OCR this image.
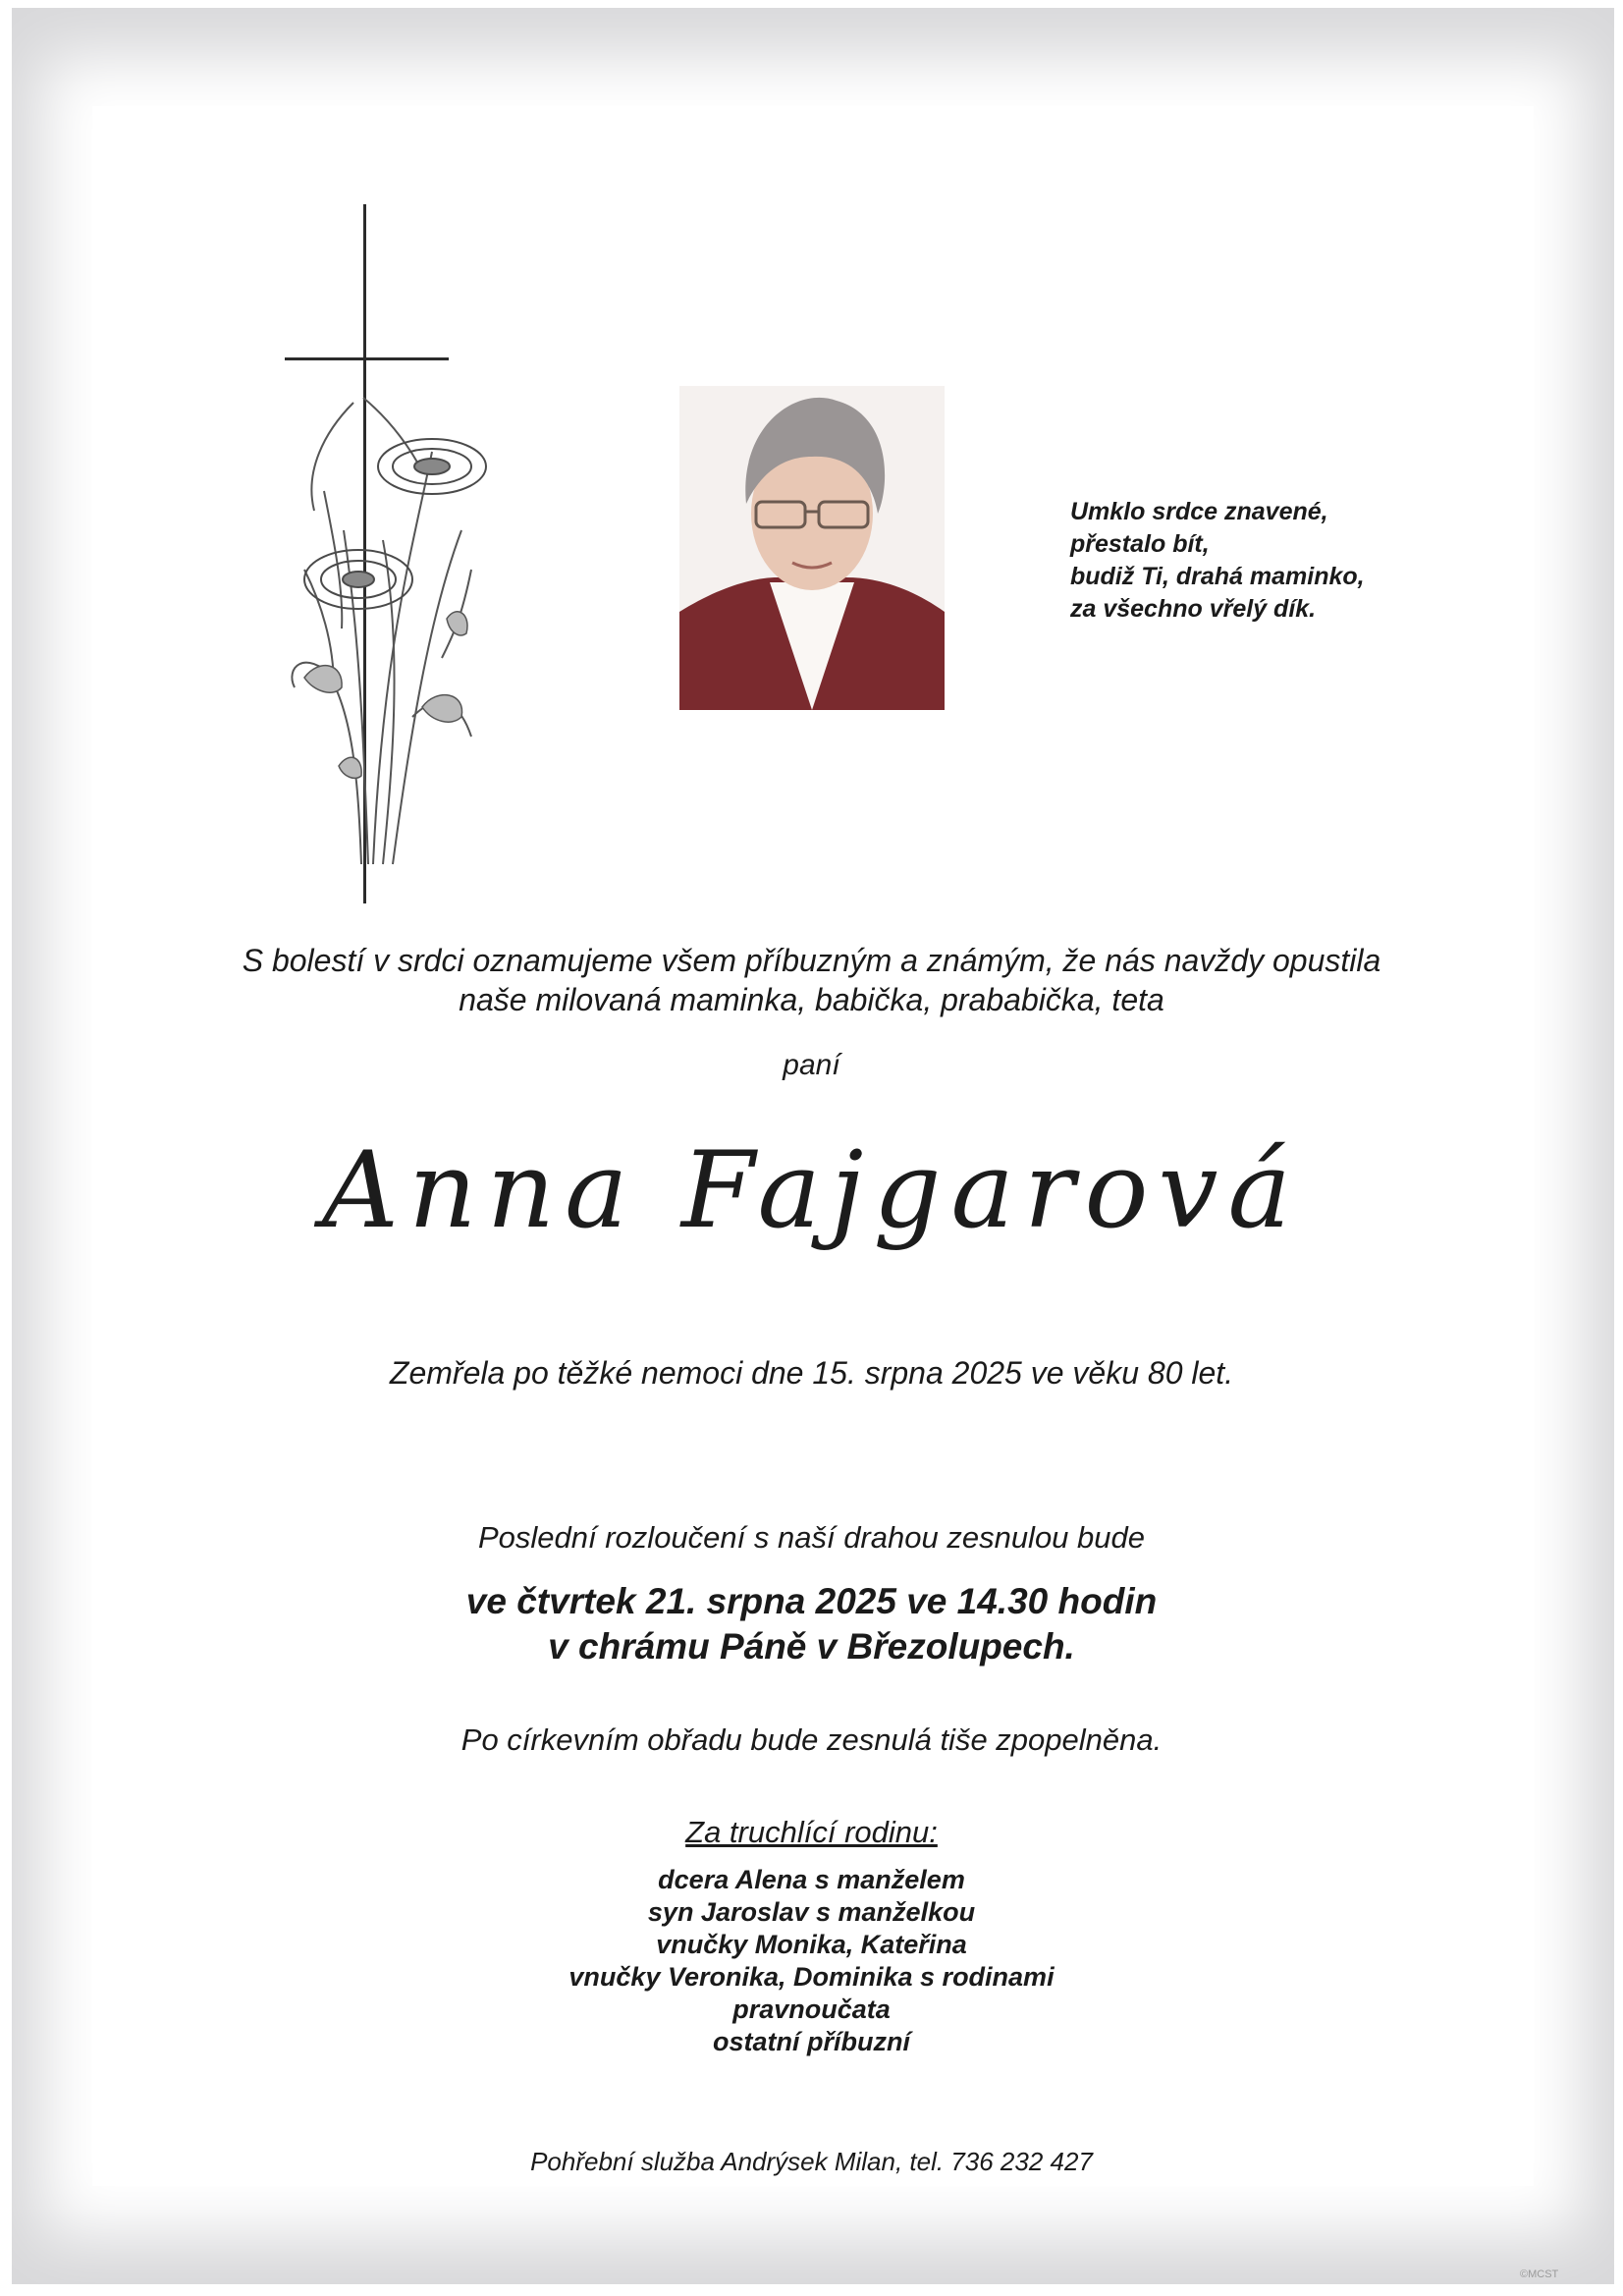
Umklo srdce znavené,
přestalo bít,
budiž Ti, drahá maminko,
za všechno vřelý dík.
S bolestí v srdci oznamujeme všem příbuzným a známým, že nás navždy opustila
naše milovaná maminka, babička, prababička, teta
paní
Anna Fajgarová
Zemřela po těžké nemoci dne 15. srpna 2025 ve věku 80 let.
Poslední rozloučení s naší drahou zesnulou bude
ve čtvrtek 21. srpna 2025 ve 14.30 hodin
v chrámu Páně v Březolupech.
Po církevním obřadu bude zesnulá tiše zpopelněna.
Za truchlící rodinu:
dcera Alena s manželem
syn Jaroslav s manželkou
vnučky Monika, Kateřina
vnučky Veronika, Dominika s rodinami
pravnoučata
ostatní příbuzní
Pohřební služba Andrýsek Milan, tel. 736 232 427
©MCST
